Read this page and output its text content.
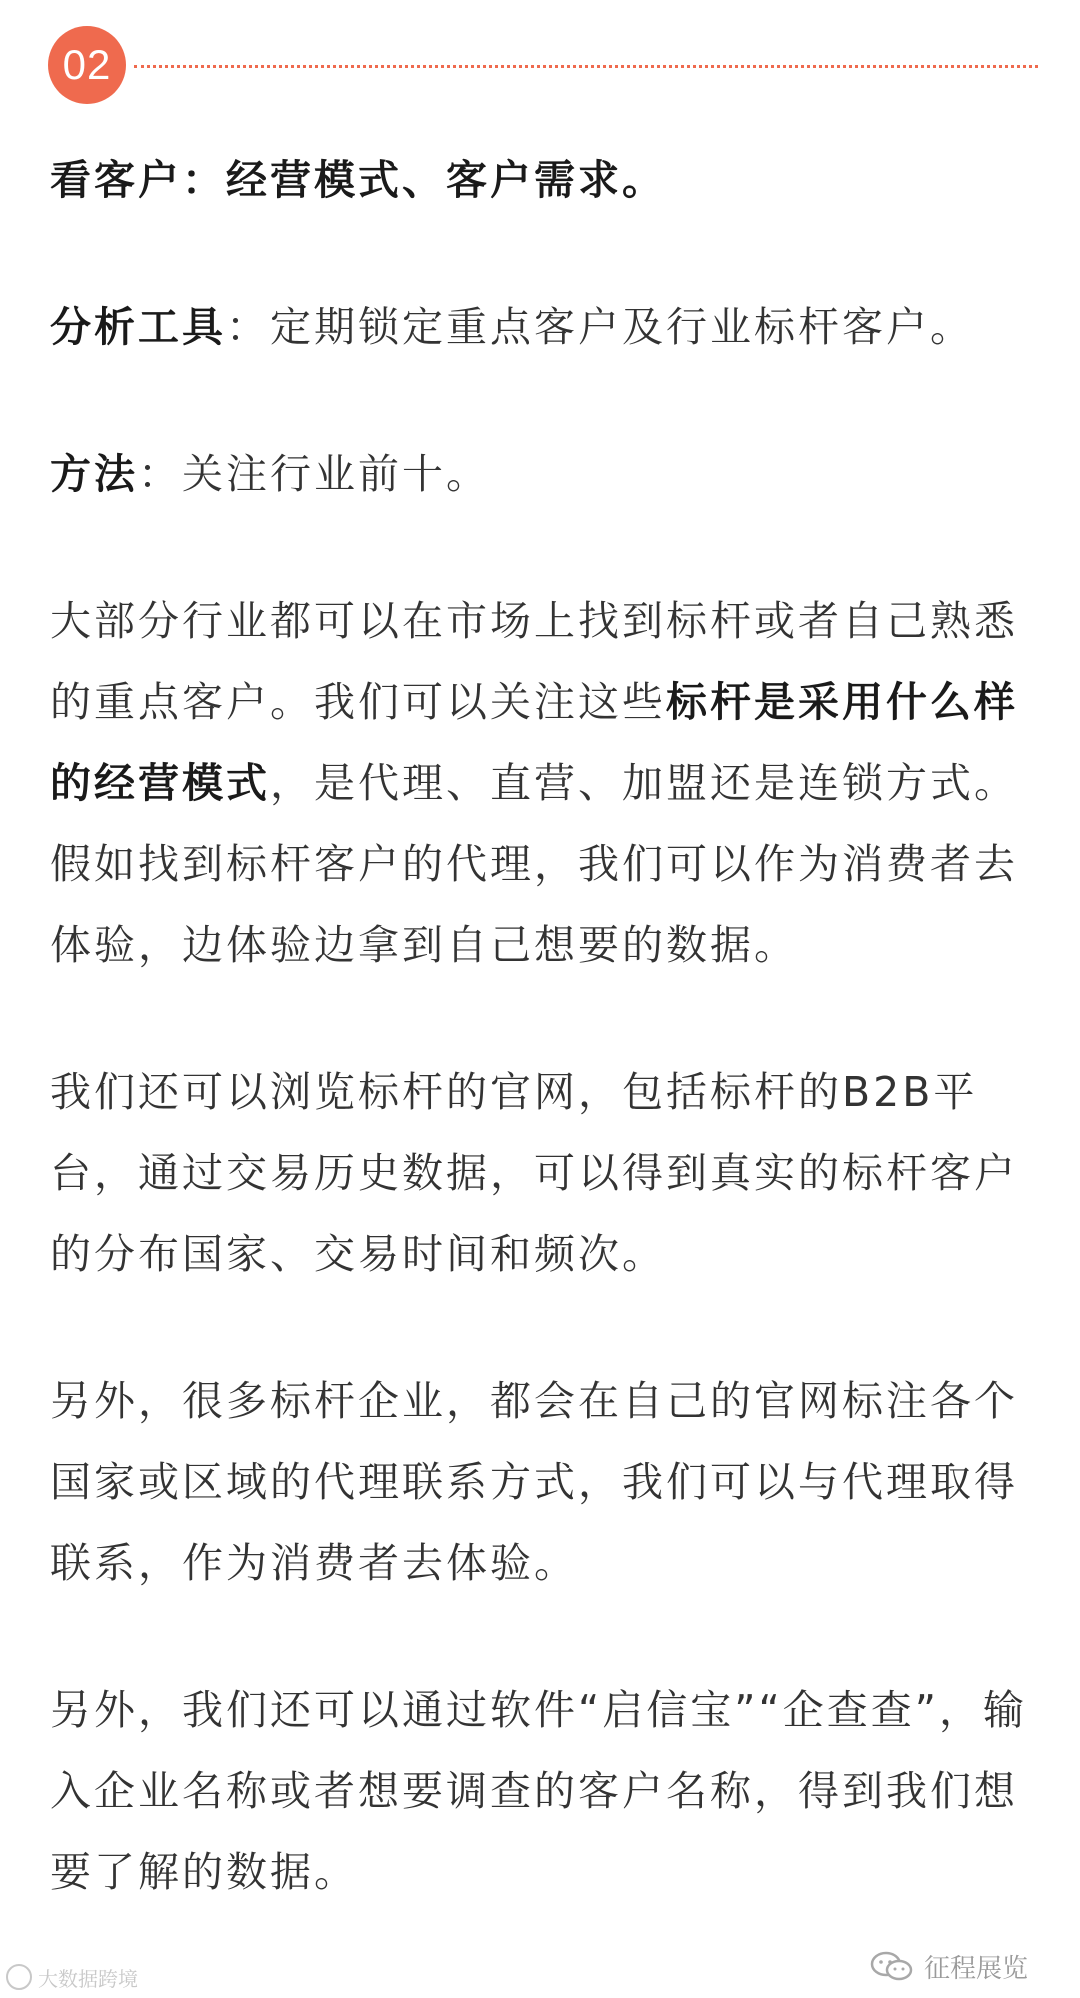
02

看客户：经营模式、客户需求。

分析工具：定期锁定重点客户及行业标杆客户。

方法：关注行业前十。

大部分行业都可以在市场上找到标杆或者自己熟悉的重点客户。我们可以关注这些标杆是采用什么样的经营模式，是代理、直营、加盟还是连锁方式。假如找到标杆客户的代理，我们可以作为消费者去体验，边体验边拿到自己想要的数据。

我们还可以浏览标杆的官网，包括标杆的B2B平台，通过交易历史数据，可以得到真实的标杆客户的分布国家、交易时间和频次。

另外，很多标杆企业，都会在自己的官网标注各个国家或区域的代理联系方式，我们可以与代理取得联系，作为消费者去体验。

另外，我们还可以通过软件“启信宝”“企查查”，输入企业名称或者想要调查的客户名称，得到我们想要了解的数据。

大数据跨境	征程展览
